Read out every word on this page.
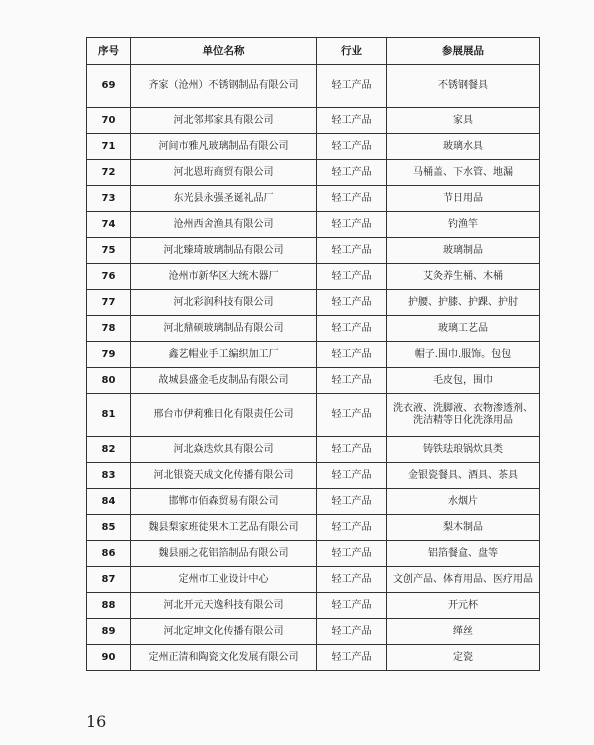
序号	单位名称	行业	参展展品
69	齐家（沧州）不锈钢制品有限公司	轻工产品	不锈钢餐具
70	河北邻邦家具有限公司	轻工产品	家具
71	河间市雅凡玻璃制品有限公司	轻工产品	玻璃水具
72	河北恩珩商贸有限公司	轻工产品	马桶盖、下水管、地漏
73	东光县永强圣诞礼品厂	轻工产品	节日用品
74	沧州西舍渔具有限公司	轻工产品	钓渔竿
75	河北臻琦玻璃制品有限公司	轻工产品	玻璃制品
76	沧州市新华区大统木器厂	轻工产品	艾灸养生桶、木桶
77	河北彩润科技有限公司	轻工产品	护腰、护膝、护踝、护肘
78	河北鼎硕玻璃制品有限公司	轻工产品	玻璃工艺品
79	鑫艺帽业手工编织加工厂	轻工产品	帽子.围巾.服饰。包包
80	故城县盛金毛皮制品有限公司	轻工产品	毛皮包，围巾
81	邢台市伊莉雅日化有限责任公司	轻工产品	洗衣液、洗脚液、衣物渗透剂、洗洁精等日化洗涤用品
82	河北焱迭炊具有限公司	轻工产品	铸铁珐琅锅炊具类
83	河北银瓷天成文化传播有限公司	轻工产品	金银瓷餐具、酒具、茶具
84	邯郸市佰森贸易有限公司	轻工产品	水烟片
85	魏县梨家班徒果木工艺品有限公司	轻工产品	梨木制品
86	魏县丽之花铝箔制品有限公司	轻工产品	铝箔餐盒、盘等
87	定州市工业设计中心	轻工产品	文创产品、体育用品、医疗用品
88	河北开元天逸科技有限公司	轻工产品	开元杯
89	河北定坤文化传播有限公司	轻工产品	缂丝
90	定州正清和陶瓷文化发展有限公司	轻工产品	定瓷
16
